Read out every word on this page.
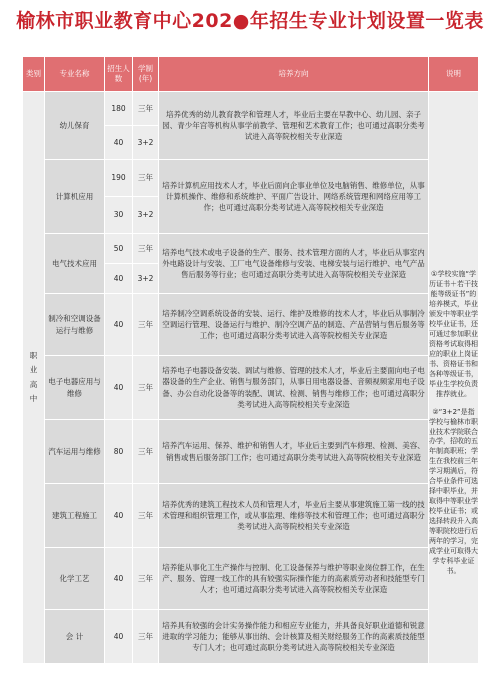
榆林市职业教育中心202●年招生专业计划设置一览表
类别	专业名称	招生人数	学制(年)	培养方向	说明
职业高中	幼儿保育	180	三年	培养优秀的幼儿教育教学和管理人才，毕业后主要在早教中心、幼儿园、亲子园、青少年宫等机构从事学前教学、管理和艺术教育工作；也可通过高职分类考试进入高等院校相关专业深造	①学校实施“学历证书＋若干技能等级证书”的培养模式，毕业颁发中等职业学校毕业证书，还可通过参加职业资格考试取得相应的职业上岗证书、资格证书和各种等级证书，毕业生学校负责推荐就业。

②“3+2”是指学校与榆林市职业技术学院联合办学，招收的五年制高职班；学生在我校前三年学习期满后，符合毕业条件可选择中职毕业，并取得中等职业学校毕业证书；或选择转段升入高等职院校进行后两年的学习，完成学业可取得大学专科毕业证书。

		40	3+2		
	计算机应用	190	三年	培养计算机应用技术人才，毕业后面向企事业单位及电脑销售、维修单位，从事计算机操作、维修和系统维护、平面广告设计、网络系统管理和网络应用等工作；也可通过高职分类考试进入高等院校相关专业深造	
		30	3+2		
	电气技术应用	50	三年	培养电气技术或电子设备的生产、服务、技术管理方面的人才，毕业后从事室内外电路设计与安装、工厂电气设备维修与安装、电梯安装与运行维护、电气产品售后服务等行业；也可通过高职分类考试进入高等院校相关专业深造	
		40	3+2		
	制冷和空调设备运行与维修	40	三年	培养制冷空调系统设备的安装、运行、维护及维修的技术人才，毕业后从事制冷空调运行管理、设备运行与维护、制冷空调产品的制造、产品营销与售后服务等工作；也可通过高职分类考试进入高等院校相关专业深造	
	电子电器应用与维修	40	三年	培养电子电器设备安装、调试与维修、管理的技术人才，毕业后主要面向电子电器设备的生产企业、销售与服务部门，从事日用电器设备、音频视频家用电子设备、办公自动化设备等的装配、调试、检测、销售与维修工作；也可通过高职分类考试进入高等院校相关专业深造	
	汽车运用与维修	80	三年	培养汽车运用、保养、维护和销售人才，毕业后主要到汽车修理、检测、美容、销售或售后服务部门工作；也可通过高职分类考试进入高等院校相关专业深造	
	建筑工程施工	40	三年	培养优秀的建筑工程技术人员和管理人才，毕业后主要从事建筑施工第一线的技术管理和组织管理工作，或从事监理、维修等技术和管理工作；也可通过高职分类考试进入高等院校相关专业深造	
	化学工艺	40	三年	培养能从事化工生产操作与控制、化工设备保养与维护等职业岗位群工作，在生产、服务、管理一线工作的具有较强实际操作能力的高素质劳动者和技能型专门人才；也可通过高职分类考试进入高等院校相关专业深造	
	会 计	40	三年	培养具有较强的会计实务操作能力和相应专业能力，并具备良好职业道德和锐意进取的学习能力；能够从事出纳、会计核算及相关财经服务工作的高素质技能型专门人才；也可通过高职分类考试进入高等院校相关专业深造	
